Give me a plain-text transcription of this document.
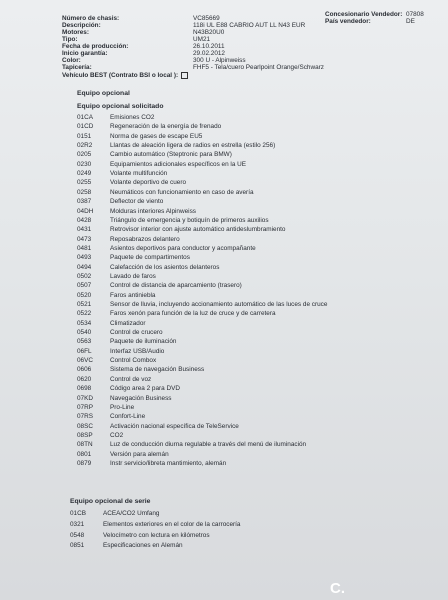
Número de chasis:	VC85669
Descripción:	118i UL E88 CABRIO AUT LL N43 EUR
Motores:	N43B20U0
Tipo:	UM21
Fecha de producción:	26.10.2011
Inicio garantía:	29.02.2012
Color:	300 U - Alpinweiss
Tapicería:	FHF5 - Tela/cuero Pearlpoint Orange/Schwarz
Vehículo BEST (Contrato BSI o local ):
Concesionario Vendedor: 07808
País vendedor:	DE
Equipo opcional
Equipo opcional solicitado
01CA	Emisiones CO2
01CD	Regeneración de la energía de frenado
0151	Norma de gases de escape EU5
02R2	Llantas de aleación ligera de radios en estrella (estilo 256)
0205	Cambio automático (Steptronic para BMW)
0230	Equipamientos adicionales específicos en la UE
0249	Volante multifunción
0255	Volante deportivo de cuero
0258	Neumáticos con funcionamiento en caso de avería
0387	Deflector de viento
04DH	Molduras interiores Alpinweiss
0428	Triángulo de emergencia y botiquín de primeros auxilios
0431	Retrovisor interior con ajuste automático antideslumbramiento
0473	Reposabrazos delantero
0481	Asientos deportivos para conductor y acompañante
0493	Paquete de compartimentos
0494	Calefacción de los asientos delanteros
0502	Lavado de faros
0507	Control de distancia de aparcamiento (trasero)
0520	Faros antiniebla
0521	Sensor de lluvia, incluyendo accionamiento automático de las luces de cruce
0522	Faros xenón para función de la luz de cruce y de carretera
0534	Climatizador
0540	Control de crucero
0563	Paquete de iluminación
06FL	Interfaz USB/Audio
06VC	Control Combox
0606	Sistema de navegación Business
0620	Control de voz
0698	Código area 2 para DVD
07KD	Navegación Business
07RP	Pro-Line
07RS	Confort-Line
08SC	Activación nacional específica de TeleService
08SP	CO2
08TN	Luz de conducción diurna regulable a través del menú de iluminación
0801	Versión para alemán
0879	Instr servicio/libreta mantimiento, alemán
Equipo opcional de serie
01CB	ACEA/CO2 Umfang
0321	Elementos exteriores en el color de la carrocería
0548	Velocímetro con lectura en kilómetros
0851	Especificaciones en Alemán
C.
